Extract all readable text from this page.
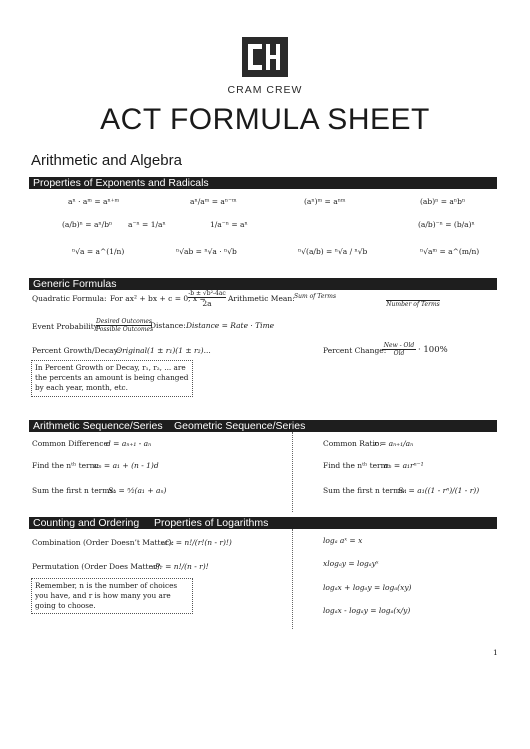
CRAM CREW
ACT FORMULA SHEET
Arithmetic and Algebra
Properties of Exponents and Radicals
aⁿ · aᵐ = aⁿ⁺ᵐ	aⁿ/aᵐ = aⁿ⁻ᵐ	(aⁿ)ᵐ = aⁿᵐ	(ab)ⁿ = aⁿbⁿ
(a/b)ⁿ = aⁿ/bⁿ a⁻ⁿ = 1/aⁿ	1/a⁻ⁿ = aⁿ	(a/b)⁻ⁿ = (b/a)ⁿ
ⁿ√a = a^(1/n)	ⁿ√ab = ⁿ√a · ⁿ√b	ⁿ√(a/b) = ⁿ√a / ⁿ√b	ⁿ√aᵐ = a^(m/n)
Generic Formulas
Quadratic Formula: For ax² + bx + c = 0, x =
-b ± √b²-4ac
2a
Arithmetic Mean: Sum of Terms
Number of Terms
Event Probability:
Desired Outcomes
Possible Outcomes
Distance: Distance = Rate · Time
Percent Growth/Decay:
Original(1 ± r₁)(1 ± r₂)...	Percent Change:
New - Old
Old	· 100%
In Percent Growth or Decay, r₁, r₂, ... are the percents an amount is being changed by each year, month, etc.
Arithmetic Sequence/Series Geometric Sequence/Series
Common Difference:
d = aₙ₊₁ - aₙ
Find the nᵗʰ term:
aₙ = a₁ + (n - 1)d
Sum the first n terms:
Sₙ = ⁿ⁄₂(a₁ + aₙ)
Common Ratio:
r = aₙ₊₁/aₙ
Find the nᵗʰ term:
aₙ = a₁rⁿ⁻¹
Sum the first n terms:
Sₙ = a₁((1 - rⁿ)/(1 - r))
Counting and Ordering Properties of Logarithms
Combination (Order Doesn’t Matter):
ₙCᵣ = n!/(r!(n - r)!)
Permutation (Order Does Matter):
ₙPᵣ = n!/(n - r)!
Remember, n is the number of choices you have, and r is how many you are going to choose.
logₐ aˣ = x
xlogₐy = logₐyˣ
logₐx + logₐy = logₐ(xy)
logₐx - logₐy = logₐ(x/y)
1
